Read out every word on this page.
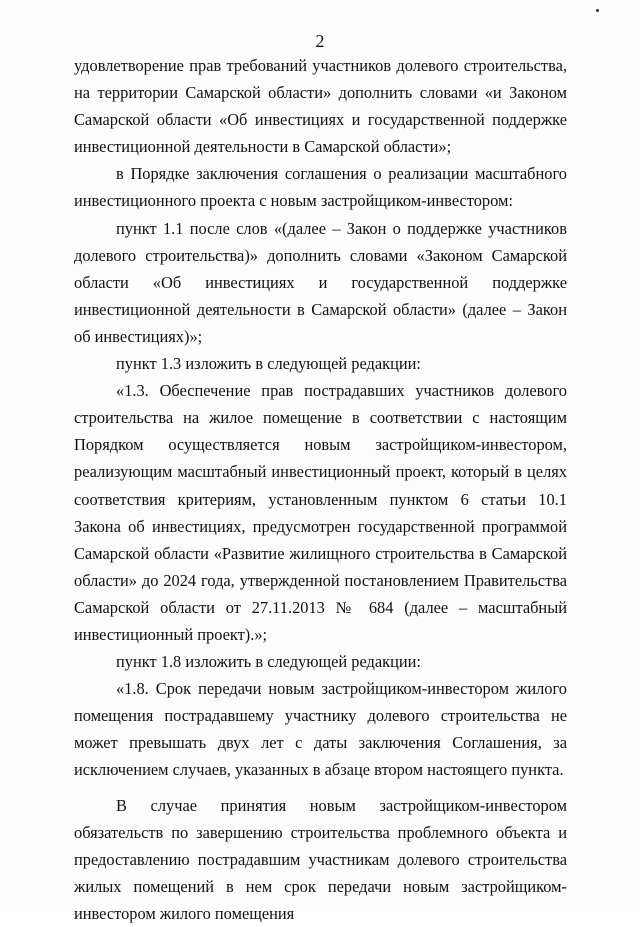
2

удовлетворение прав требований участников долевого строительства, на территории Самарской области» дополнить словами «и Законом Самарской области «Об инвестициях и государственной поддержке инвестиционной деятельности в Самарской области»;

в Порядке заключения соглашения о реализации масштабного инвестиционного проекта с новым застройщиком-инвестором:

пункт 1.1 после слов «(далее – Закон о поддержке участников долевого строительства)» дополнить словами «Законом Самарской области «Об инвестициях и государственной поддержке инвестиционной деятельности в Самарской области» (далее – Закон об инвестициях)»;

пункт 1.3 изложить в следующей редакции:

«1.3. Обеспечение прав пострадавших участников долевого строительства на жилое помещение в соответствии с настоящим Порядком осуществляется новым застройщиком-инвестором, реализующим масштабный инвестиционный проект, который в целях соответствия критериям, установленным пунктом 6 статьи 10.1 Закона об инвестициях, предусмотрен государственной программой Самарской области «Развитие жилищного строительства в Самарской области» до 2024 года, утвержденной постановлением Правительства Самарской области от 27.11.2013 № 684 (далее – масштабный инвестиционный проект).»;

пункт 1.8 изложить в следующей редакции:

«1.8. Срок передачи новым застройщиком-инвестором жилого помещения пострадавшему участнику долевого строительства не может превышать двух лет с даты заключения Соглашения, за исключением случаев, указанных в абзаце втором настоящего пункта.

В случае принятия новым застройщиком-инвестором обязательств по завершению строительства проблемного объекта и предоставлению пострадавшим участникам долевого строительства жилых помещений в нем срок передачи новым застройщиком-инвестором жилого помещения
